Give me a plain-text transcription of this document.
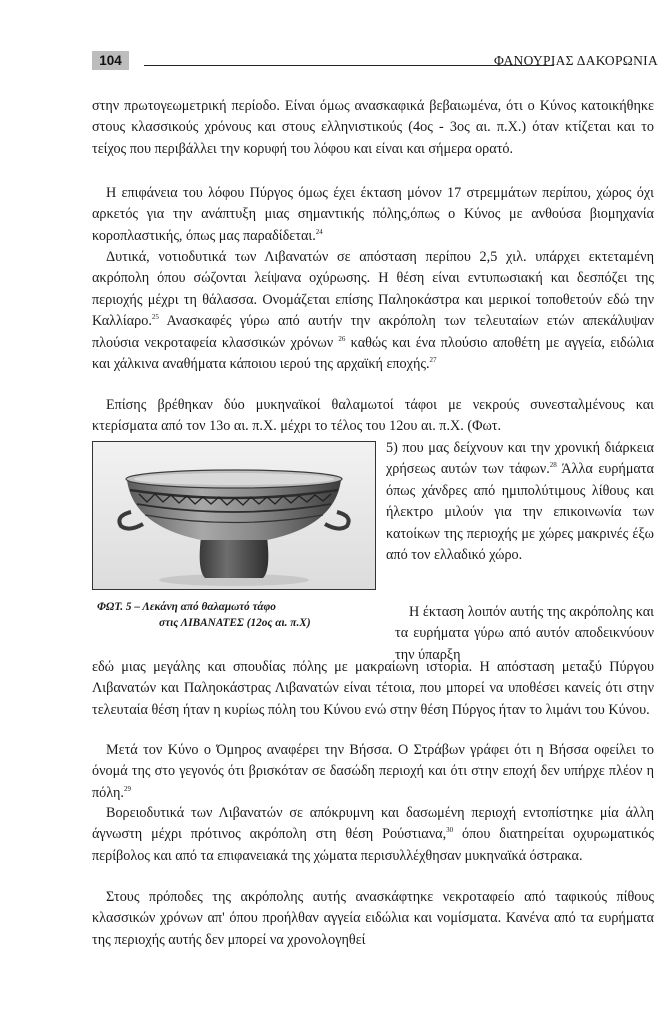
104	ΦΑΝΟΥΡΙΑΣ ΔΑΚΟΡΩΝΙΑ

στην πρωτογεωμετρική περίοδο. Είναι όμως ανασκαφικά βεβαιωμένα, ότι ο Κύνος κατοικήθηκε στους κλασσικούς χρόνους και στους ελληνιστικούς (4ος - 3ος αι. π.Χ.) όταν κτίζεται και το τείχος που περιβάλλει την κορυφή του λόφου και είναι και σήμερα ορατό.

Η επιφάνεια του λόφου Πύργος όμως έχει έκταση μόνον 17 στρεμμάτων περίπου, χώρος όχι αρκετός για την ανάπτυξη μιας σημαντικής πόλης,όπως ο Κύνος με ανθούσα βιομηχανία κοροπλαστικής, όπως μας παραδίδεται.$^{24}$

Δυτικά, νοτιοδυτικά των Λιβανατών σε απόσταση περίπου 2,5 χιλ. υπάρχει εκτεταμένη ακρόπολη όπου σώζονται λείψανα οχύρωσης. Η θέση είναι εντυπωσιακή και δεσπόζει της περιοχής μέχρι τη θάλασσα. Ονομάζεται επίσης Παληοκάστρα και μερικοί τοποθετούν εδώ την Καλλίαρο.$^{25}$ Ανασκαφές γύρω από αυτήν την ακρόπολη των τελευταίων ετών απεκάλυψαν πλούσια νεκροταφεία κλασσικών χρόνων $^{26}$ καθώς και ένα πλούσιο αποθέτη με αγγεία, ειδώλια και χάλκινα αναθήματα κάποιου ιερού της αρχαϊκή εποχής.$^{27}$

Επίσης βρέθηκαν δύο μυκηναϊκοί θαλαμωτοί τάφοι με νεκρούς συνεσταλμένους και κτερίσματα από τον 13ο αι. π.Χ. μέχρι το τέλος του 12ου αι. π.Χ. (Φωτ.

5) που μας δείχνουν και την χρονική διάρκεια χρήσεως αυτών των τάφων.$^{28}$ Άλλα ευρήματα όπως χάνδρες από ημιπολύτιμους λίθους και ήλεκτρο μιλούν για την επικοινωνία των κατοίκων της περιοχής με χώρες μακρινές έξω από τον ελλαδικό χώρο.

ΦΩΤ. 5 – Λεκάνη από θαλαμωτό τάφο
στις ΛΙΒΑΝΑΤΕΣ (12ος αι. π.Χ)

Η έκταση λοιπόν αυτής της ακρόπολης και τα ευρήματα γύρω από αυτόν αποδεικνύουν την ύπαρξη

εδώ μιας μεγάλης και σπουδίας πόλης με μακραίωνη ιστορία. Η απόσταση μεταξύ Πύργου Λιβανατών και Παληοκάστρας Λιβανατών είναι τέτοια, που μπορεί να υποθέσει κανείς ότι στην τελευταία θέση ήταν η κυρίως πόλη του Κύνου ενώ στην θέση Πύργος ήταν το λιμάνι του Κύνου.

Μετά τον Κύνο ο Όμηρος αναφέρει την Βήσσα. Ο Στράβων γράφει ότι η Βήσσα οφείλει το όνομά της στο γεγονός ότι βρισκόταν σε δασώδη περιοχή και ότι στην εποχή δεν υπήρχε πλέον η πόλη.$^{29}$

Βορειοδυτικά των Λιβανατών σε απόκρυμνη και δασωμένη περιοχή εντοπίστηκε μία άλλη άγνωστη μέχρι πρότινος ακρόπολη στη θέση Ρούστιανα,$^{30}$ όπου διατηρείται οχυρωματικός περίβολος και από τα επιφανειακά της χώματα περισυλλέχθησαν μυκηναϊκά όστρακα.

Στους πρόποδες της ακρόπολης αυτής ανασκάφτηκε νεκροταφείο από ταφικούς πίθους κλασσικών χρόνων απ' όπου προήλθαν αγγεία ειδώλια και νομίσματα. Κανένα από τα ευρήματα της περιοχής αυτής δεν μπορεί να χρονολογηθεί
